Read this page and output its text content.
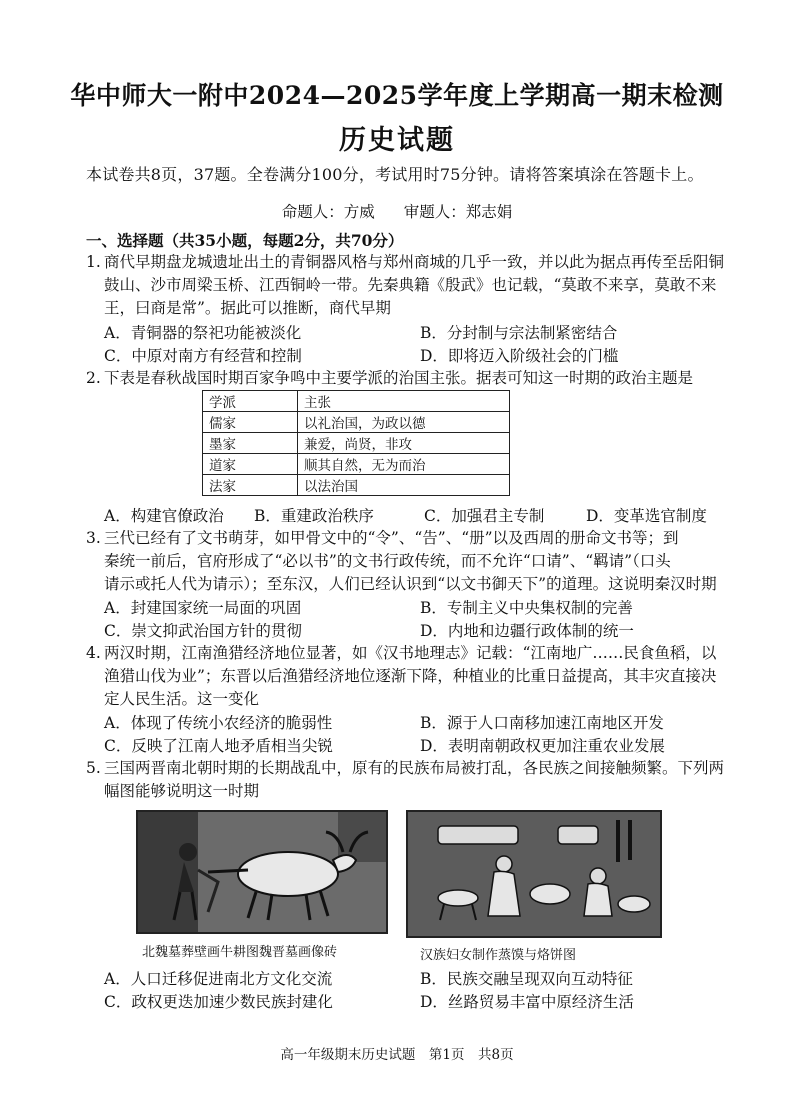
华中师大一附中2024—2025学年度上学期高一期末检测
历史试题
本试卷共8页，37题。全卷满分100分，考试用时75分钟。请将答案填涂在答题卡上。
命题人：方威 审题人：郑志娟
一、选择题（共35小题，每题2分，共70分）
1. 商代早期盘龙城遗址出土的青铜器风格与郑州商城的几乎一致，并以此为据点再传至岳阳铜
鼓山、沙市周梁玉桥、江西铜岭一带。先秦典籍《殷武》也记载，“莫敢不来享，莫敢不来
王，曰商是常”。据此可以推断，商代早期
A．青铜器的祭祀功能被淡化	B．分封制与宗法制紧密结合
C．中原对南方有经营和控制	D．即将迈入阶级社会的门槛
2. 下表是春秋战国时期百家争鸣中主要学派的治国主张。据表可知这一时期的政治主题是
学派	主张
儒家	以礼治国，为政以德
墨家	兼爱，尚贤，非攻
道家	顺其自然，无为而治
法家	以法治国
A．构建官僚政治 B．重建政治秩序	C．加强君主专制	D．变革选官制度
3. 三代已经有了文书萌芽，如甲骨文中的“令”、“告”、“册”以及西周的册命文书等；到
秦统一前后，官府形成了“必以书”的文书行政传统，而不允许“口请”、“羁请”（口头
请示或托人代为请示）；至东汉，人们已经认识到“以文书御天下”的道理。这说明秦汉时期
A．封建国家统一局面的巩固	B．专制主义中央集权制的完善
C．崇文抑武治国方针的贯彻	D．内地和边疆行政体制的统一
4. 两汉时期，江南渔猎经济地位显著，如《汉书地理志》记载：“江南地广……民食鱼稻，以
渔猎山伐为业”；东晋以后渔猎经济地位逐渐下降，种植业的比重日益提高，其丰灾直接决
定人民生活。这一变化
A．体现了传统小农经济的脆弱性	B．源于人口南移加速江南地区开发
C．反映了江南人地矛盾相当尖锐	D．表明南朝政权更加注重农业发展
5. 三国两晋南北朝时期的长期战乱中，原有的民族布局被打乱，各民族之间接触频繁。下列两
幅图能够说明这一时期
北魏墓葬壁画牛耕图魏晋墓画像砖	汉族妇女制作蒸馍与烙饼图
A．人口迁移促进南北方文化交流	B．民族交融呈现双向互动特征
C．政权更迭加速少数民族封建化	D．丝路贸易丰富中原经济生活
高一年级期末历史试题　第1页　共8页
